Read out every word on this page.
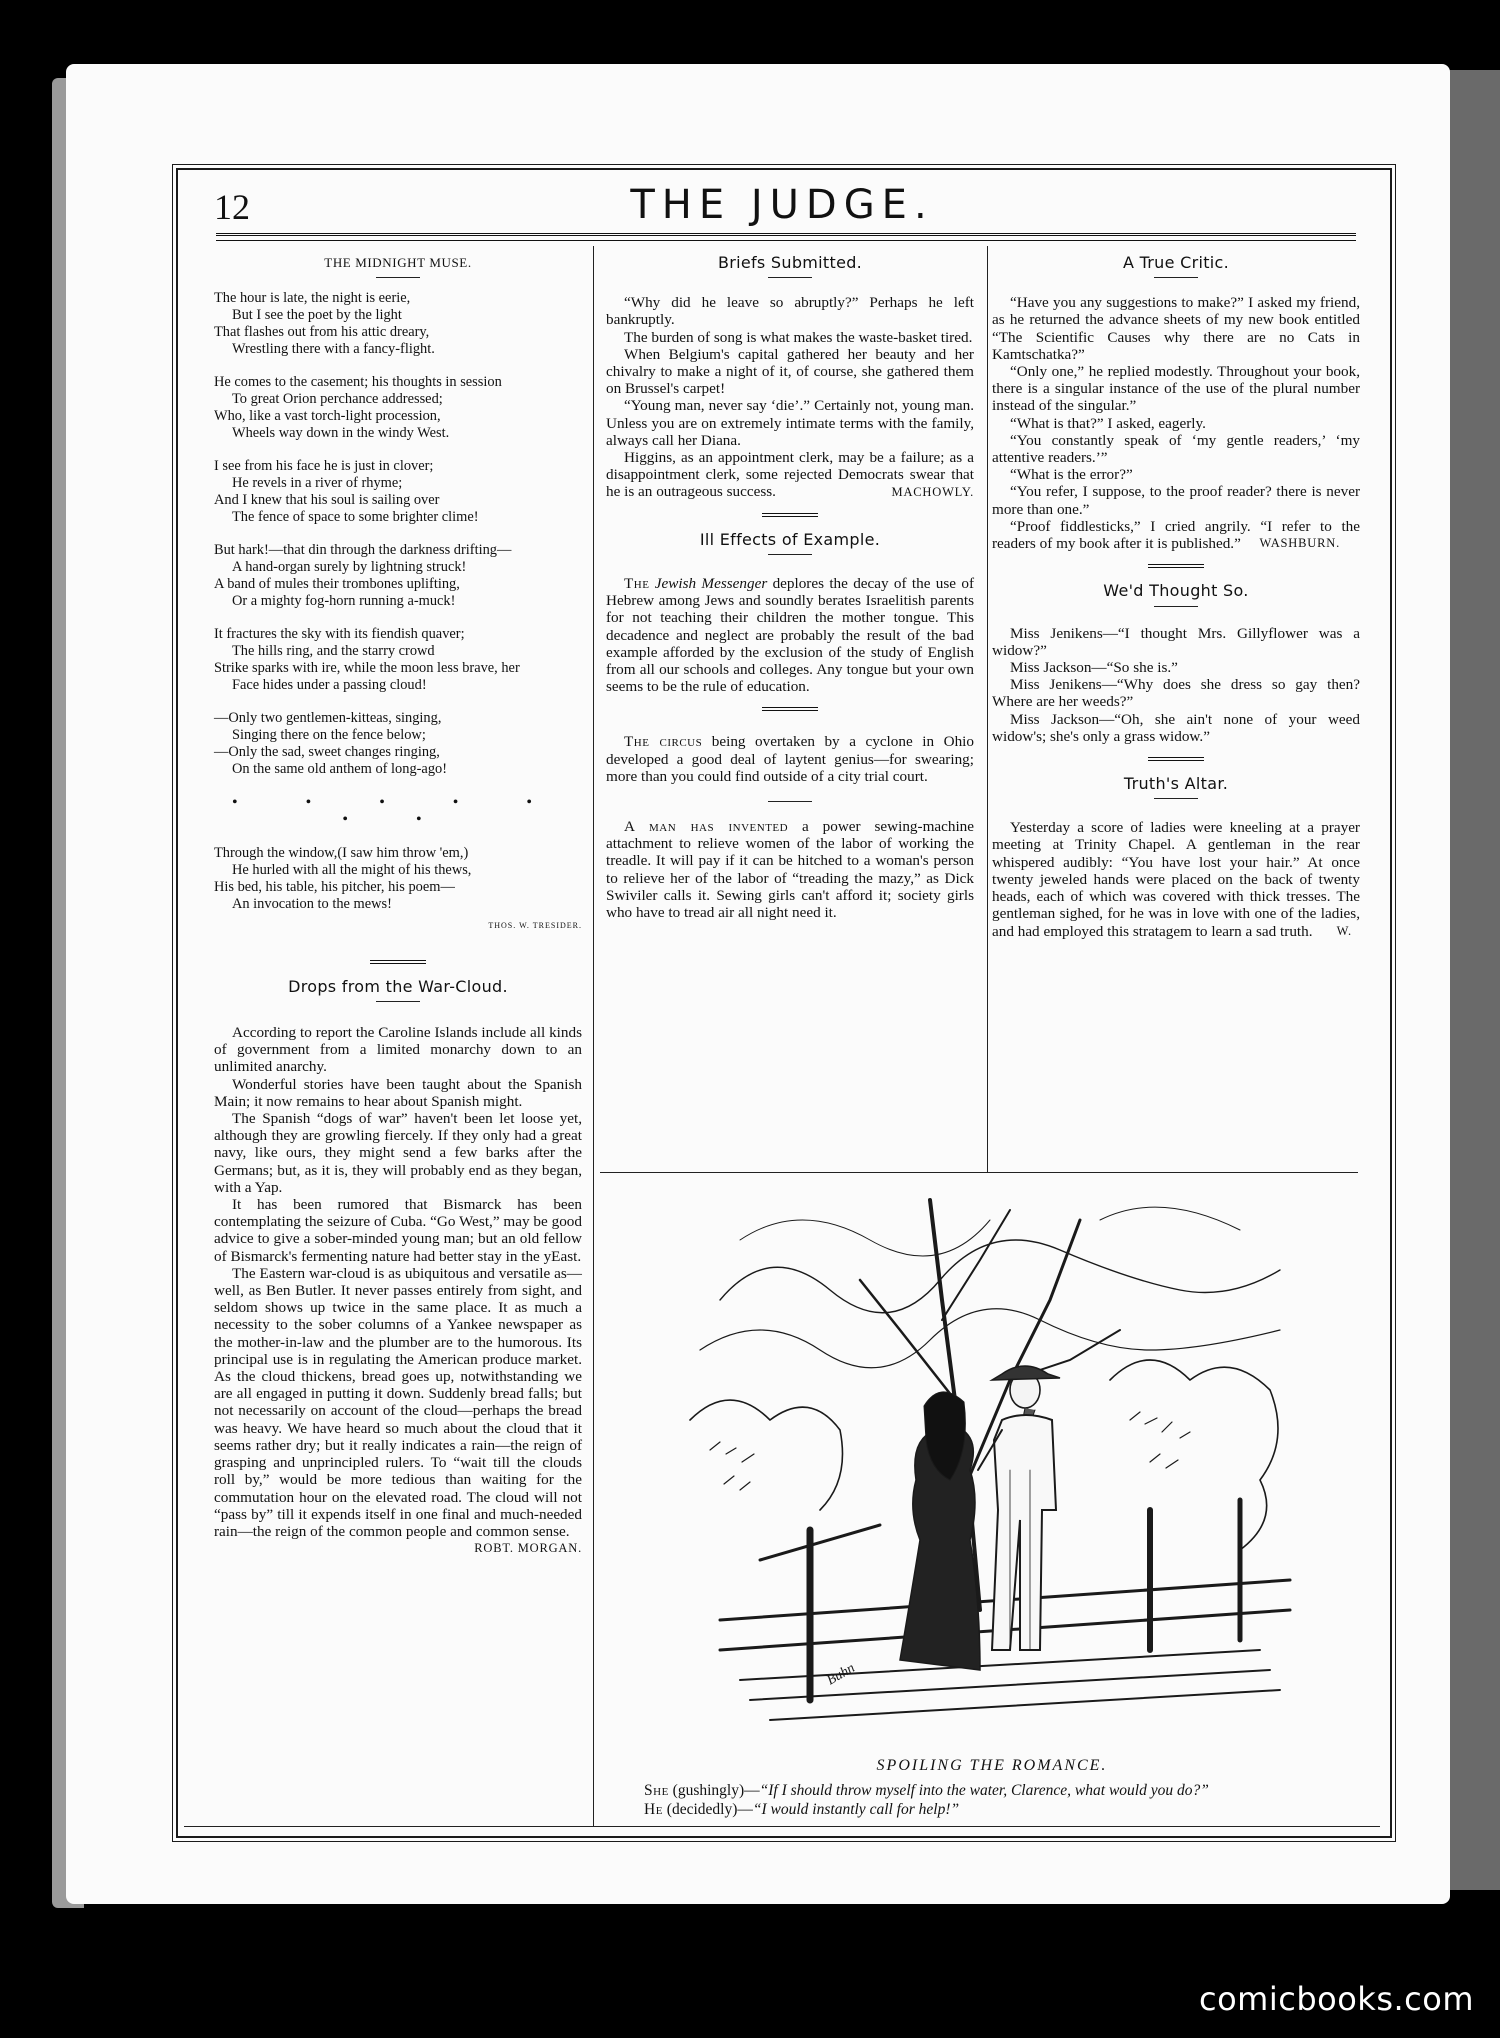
12	THE JUDGE.
THE MIDNIGHT MUSE.
The hour is late, the night is eerie,
But I see the poet by the light
That flashes out from his attic dreary,
Wrestling there with a fancy-flight.
He comes to the casement; his thoughts in session
To great Orion perchance addressed;
Who, like a vast torch-light procession,
Wheels way down in the windy West.
I see from his face he is just in clover;
He revels in a river of rhyme;
And I knew that his soul is sailing over
The fence of space to some brighter clime!
But hark!—that din through the darkness drifting—
A hand-organ surely by lightning struck!
A band of mules their trombones uplifting,
Or a mighty fog-horn running a-muck!
It fractures the sky with its fiendish quaver;
The hills ring, and the starry crowd
Strike sparks with ire, while the moon less brave, her
Face hides under a passing cloud!
—Only two gentlemen-kitteas, singing,
Singing there on the fence below;
—Only the sad, sweet changes ringing,
On the same old anthem of long-ago!
• • • • • • •
Through the window,(I saw him throw 'em,)
He hurled with all the might of his thews,
His bed, his table, his pitcher, his poem—
An invocation to the mews!
THOS. W. TRESIDER.
Drops from the War-Cloud.

According to report the Caroline Islands include all kinds of government from a limited monarchy down to an unlimited anarchy.

Wonderful stories have been taught about the Spanish Main; it now remains to hear about Spanish might.

The Spanish “dogs of war” haven't been let loose yet, although they are growling fiercely. If they only had a great navy, like ours, they might send a few barks after the Germans; but, as it is, they will probably end as they began, with a Yap.

It has been rumored that Bismarck has been contemplating the seizure of Cuba. “Go West,” may be good advice to give a sober-minded young man; but an old fellow of Bismarck's fermenting nature had better stay in the yEast.

The Eastern war-cloud is as ubiquitous and versatile as—well, as Ben Butler. It never passes entirely from sight, and seldom shows up twice in the same place. It as much a necessity to the sober columns of a Yankee newspaper as the mother-in-law and the plumber are to the humorous. Its principal use is in regulating the American produce market. As the cloud thickens, bread goes up, notwithstanding we are all engaged in putting it down. Suddenly bread falls; but not necessarily on account of the cloud—perhaps the bread was heavy. We have heard so much about the cloud that it seems rather dry; but it really indicates a rain—the reign of grasping and unprincipled rulers. To “wait till the clouds roll by,” would be more tedious than waiting for the commutation hour on the elevated road. The cloud will not “pass by” till it expends itself in one final and much-needed rain—the reign of the common people and common sense.

ROBT. MORGAN.
Briefs Submitted.

“Why did he leave so abruptly?” Perhaps he left bankruptly.

The burden of song is what makes the waste-basket tired.

When Belgium's capital gathered her beauty and her chivalry to make a night of it, of course, she gathered them on Brussel's carpet!

“Young man, never say ‘die’.” Certainly not, young man. Unless you are on extremely intimate terms with the family, always call her Diana.

Higgins, as an appointment clerk, may be a failure; as a disappointment clerk, some rejected Democrats swear that he is an outrageous success.	MACHOWLY.
Ill Effects of Example.

The Jewish Messenger deplores the decay of the use of Hebrew among Jews and soundly berates Israelitish parents for not teaching their children the mother tongue. This decadence and neglect are probably the result of the bad example afforded by the exclusion of the study of English from all our schools and colleges. Any tongue but your own seems to be the rule of education.

The circus being overtaken by a cyclone in Ohio developed a good deal of laytent genius—for swearing; more than you could find outside of a city trial court.

A man has invented a power sewing-machine attachment to relieve women of the labor of working the treadle. It will pay if it can be hitched to a woman's person to relieve her of the labor of “treading the mazy,” as Dick Swiviler calls it. Sewing girls can't afford it; society girls who have to tread air all night need it.

A True Critic.

“Have you any suggestions to make?” I asked my friend, as he returned the advance sheets of my new book entitled “The Scientific Causes why there are no Cats in Kamtschatka?”

“Only one,” he replied modestly. Throughout your book, there is a singular instance of the use of the plural number instead of the singular.”

“What is that?” I asked, eagerly.

“You constantly speak of ‘my gentle readers,’ ‘my attentive readers.’”

“What is the error?”

“You refer, I suppose, to the proof reader? there is never more than one.”

“Proof fiddlesticks,” I cried angrily. “I refer to the readers of my book after it is published.”	WASHBURN.
We'd Thought So.

Miss Jenikens—“I thought Mrs. Gillyflower was a widow?”

Miss Jackson—“So she is.”

Miss Jenikens—“Why does she dress so gay then? Where are her weeds?”

Miss Jackson—“Oh, she ain't none of your weed widow's; she's only a grass widow.”

Truth's Altar.

Yesterday a score of ladies were kneeling at a prayer meeting at Trinity Chapel. A gentleman in the rear whispered audibly: “You have lost your hair.” At once twenty jeweled hands were placed on the back of twenty heads, each of which was covered with thick tresses. The gentleman sighed, for he was in love with one of the ladies, and had employed this stratagem to learn a sad truth.	W.
Buhn
SPOILING THE ROMANCE.

She (gushingly)—“If I should throw myself into the water, Clarence, what would you do?”

He (decidedly)—“I would instantly call for help!”

comicbooks.com
